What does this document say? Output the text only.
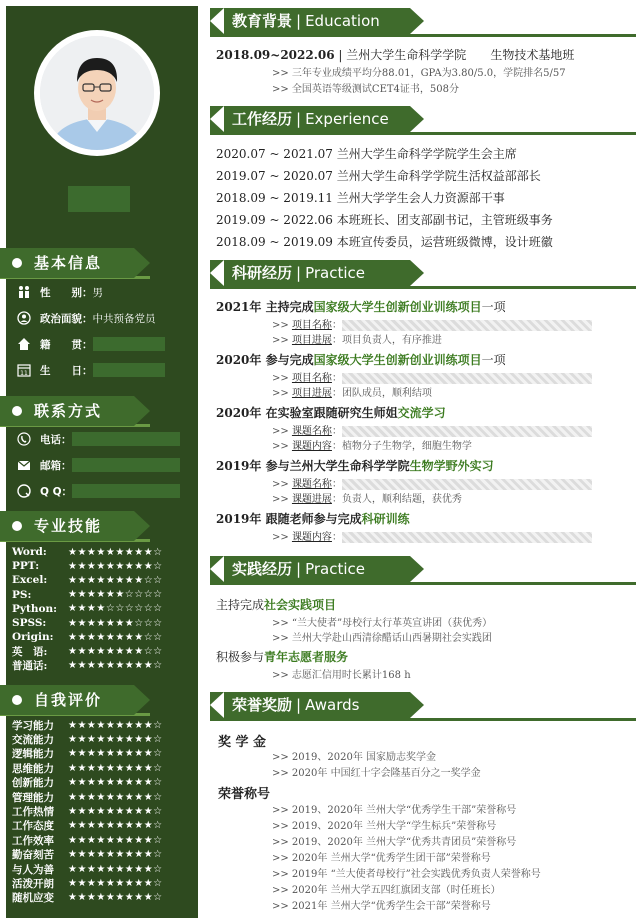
基本信息
性　　别： 男
政治面貌： 中共预备党员
籍　　贯：
11 生　　日：
联系方式
电话：
邮箱：
Q Q：
专业技能
Word:	★★★★★★★★★☆
PPT:	★★★★★★★★★☆
Excel:	★★★★★★★★☆☆
PS:	★★★★★★☆☆☆☆
Python:	★★★★☆☆☆☆☆☆
SPSS:	★★★★★★★☆☆☆
Origin:	★★★★★★★★☆☆
英　语:	★★★★★★★★☆☆
普通话:	★★★★★★★★★☆
自我评价
学习能力	★★★★★★★★★☆
交流能力	★★★★★★★★★☆
逻辑能力	★★★★★★★★★☆
思维能力	★★★★★★★★★☆
创新能力	★★★★★★★★★☆
管理能力	★★★★★★★★★☆
工作热情	★★★★★★★★★☆
工作态度	★★★★★★★★★☆
工作效率	★★★★★★★★★☆
勤奋刻苦	★★★★★★★★★☆
与人为善	★★★★★★★★★☆
活泼开朗	★★★★★★★★★☆
随机应变	★★★★★★★★★☆
教育背景 | Education
2018.09~2022.06 | 兰州大学生命科学学院　　 生物技术基地班
>> 三年专业成绩平均分88.01，GPA为3.80/5.0，学院排名5/57
>> 全国英语等级测试CET4证书，508分
工作经历 | Experience
2020.07 ~ 2021.07 兰州大学生命科学学院学生会主席
2019.07 ~ 2020.07 兰州大学生命科学学院生活权益部部长
2018.09 ~ 2019.11 兰州大学学生会人力资源部干事
2019.09 ~ 2022.06 本班班长、团支部副书记，主管班级事务
2018.09 ~ 2019.09 本班宣传委员，运营班级微博，设计班徽
科研经历 | Practice
2021年 主持完成国家级大学生创新创业训练项目一项
>> 项目名称：
>> 项目进展：项目负责人，有序推进
2020年 参与完成国家级大学生创新创业训练项目一项
>> 项目名称：
>> 项目进展：团队成员，顺利结项
2020年 在实验室跟随研究生师姐交流学习
>> 课题名称：
>> 课题内容：植物分子生物学，细胞生物学
2019年 参与兰州大学生命科学学院生物学野外实习
>> 课题名称：
>> 课题进展：负责人，顺利结题，获优秀
2019年 跟随老师参与完成科研训练
>> 课题内容：
实践经历 | Practice
主持完成社会实践项目
>> “兰大使者”母校行太行革英宣讲团（获优秀）
>> 兰州大学赴山西清徐醋话山西暑期社会实践团
积极参与青年志愿者服务
>> 志愿汇信用时长累计168 h
荣誉奖励 | Awards
奖 学 金
>> 2019、2020年 国家励志奖学金
>> 2020年 中国红十字会隆基百分之一奖学金
荣誉称号
>> 2019、2020年 兰州大学“优秀学生干部”荣誉称号
>> 2019、2020年 兰州大学“学生标兵”荣誉称号
>> 2019、2020年 兰州大学“优秀共青团员”荣誉称号
>> 2020年 兰州大学“优秀学生团干部”荣誉称号
>> 2019年 “兰大使者母校行”社会实践优秀负责人荣誉称号
>> 2020年 兰州大学五四红旗团支部（时任班长）
>> 2021年 兰州大学“优秀学生会干部”荣誉称号
